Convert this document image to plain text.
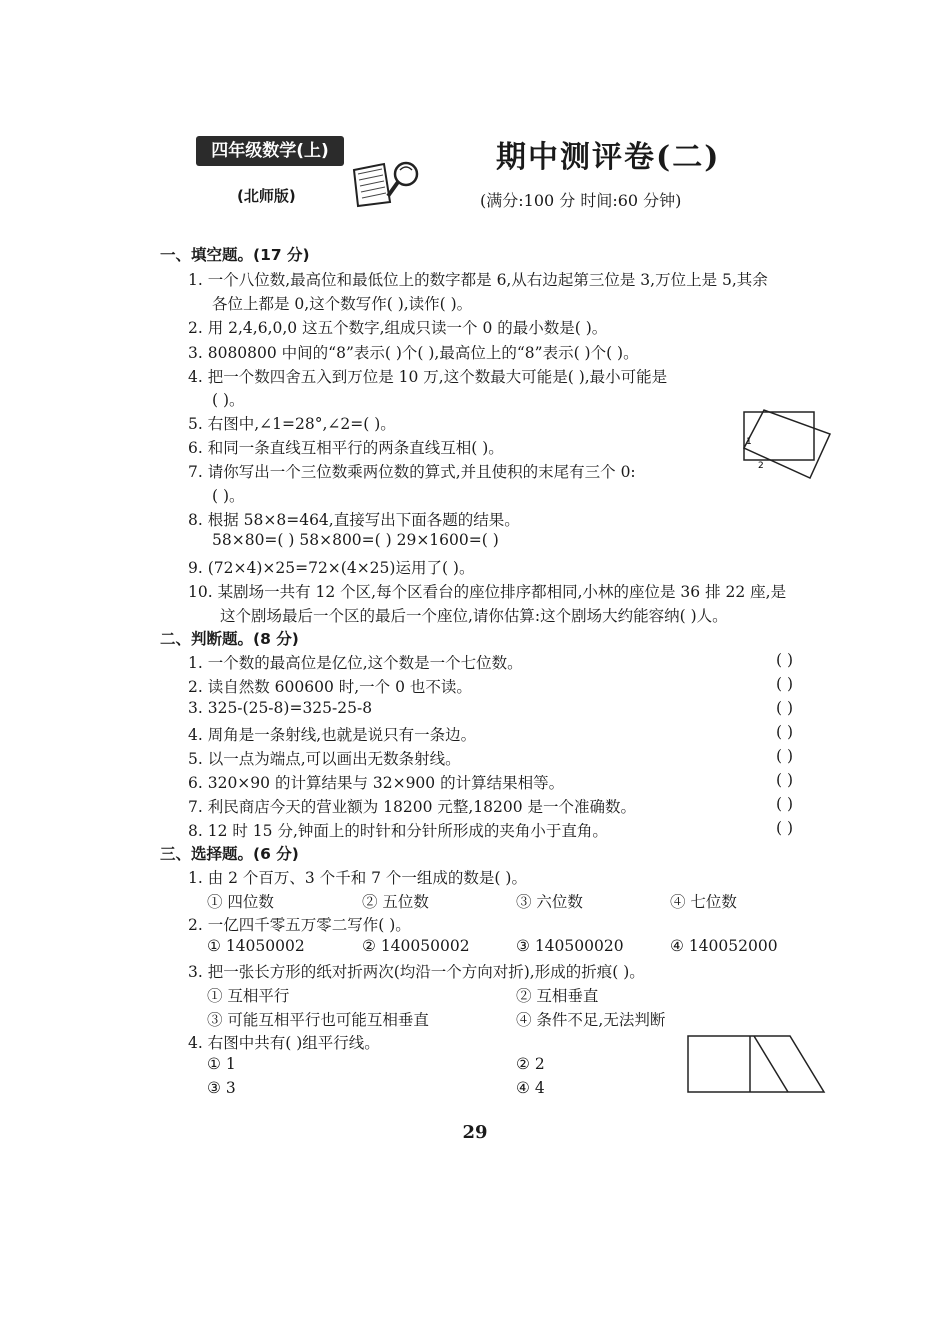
四年级数学(上)
(北师版)
期中测评卷(二)
(满分:100 分 时间:60 分钟)
一、填空题。(17 分)
1. 一个八位数,最高位和最低位上的数字都是 6,从右边起第三位是 3,万位上是 5,其余
各位上都是 0,这个数写作( ),读作( )。
2. 用 2,4,6,0,0 这五个数字,组成只读一个 0 的最小数是( )。
3. 8080800 中间的“8”表示( )个( ),最高位上的“8”表示( )个( )。
4. 把一个数四舍五入到万位是 10 万,这个数最大可能是( ),最小可能是
( )。
5. 右图中,∠1=28°,∠2=( )。
6. 和同一条直线互相平行的两条直线互相( )。
7. 请你写出一个三位数乘两位数的算式,并且使积的末尾有三个 0:
( )。
8. 根据 58×8=464,直接写出下面各题的结果。
58×80=( ) 58×800=( ) 29×1600=( )
9. (72×4)×25=72×(4×25)运用了( )。
10. 某剧场一共有 12 个区,每个区看台的座位排序都相同,小林的座位是 36 排 22 座,是
这个剧场最后一个区的最后一个座位,请你估算:这个剧场大约能容纳( )人。
1
2
二、判断题。(8 分)
1. 一个数的最高位是亿位,这个数是一个七位数。	( )
2. 读自然数 600600 时,一个 0 也不读。	( )
3. 325-(25-8)=325-25-8	( )
4. 周角是一条射线,也就是说只有一条边。	( )
5. 以一点为端点,可以画出无数条射线。	( )
6. 320×90 的计算结果与 32×900 的计算结果相等。	( )
7. 利民商店今天的营业额为 18200 元整,18200 是一个准确数。	( )
8. 12 时 15 分,钟面上的时针和分针所形成的夹角小于直角。	( )
三、选择题。(6 分)
1. 由 2 个百万、3 个千和 7 个一组成的数是( )。
① 四位数	② 五位数	③ 六位数	④ 七位数
2. 一亿四千零五万零二写作( )。
① 14050002	② 140050002	③ 140500020	④ 140052000
3. 把一张长方形的纸对折两次(均沿一个方向对折),形成的折痕( )。
① 互相平行	② 互相垂直
③ 可能互相平行也可能互相垂直	④ 条件不足,无法判断
4. 右图中共有( )组平行线。
① 1	② 2
③ 3	④ 4
29
